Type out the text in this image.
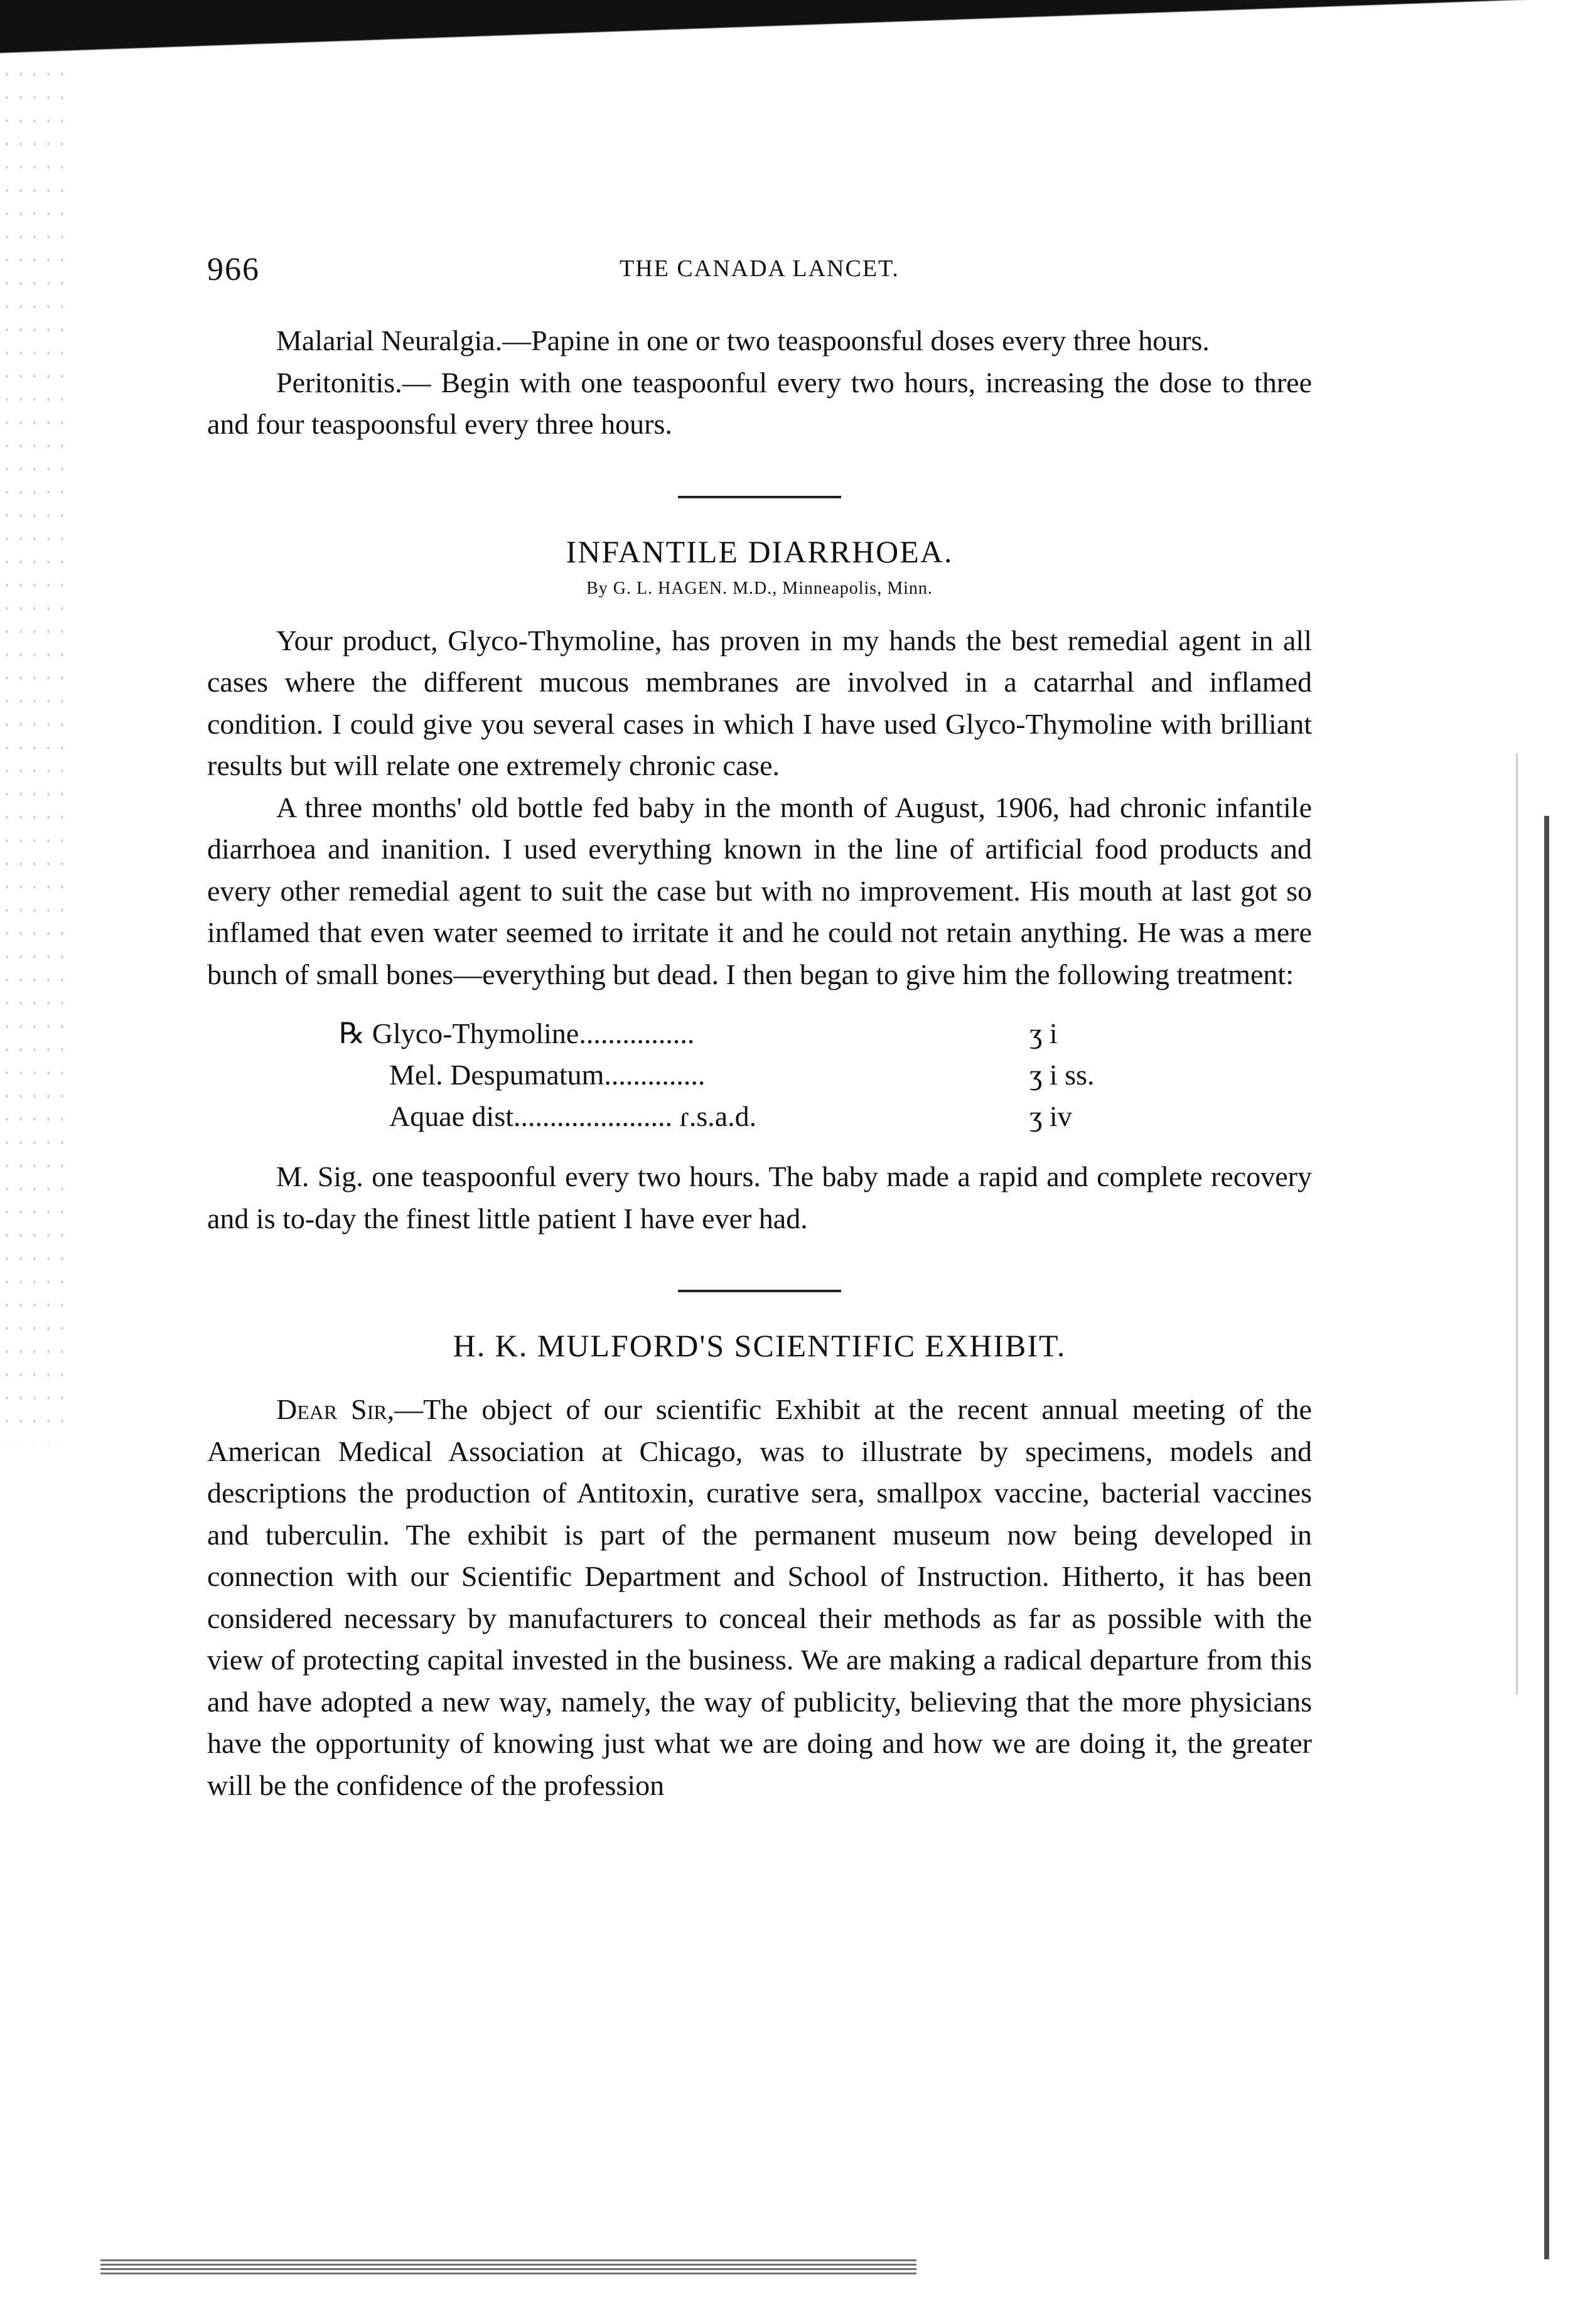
966	THE CANADA LANCET.

Malarial Neuralgia.—Papine in one or two teaspoonsful doses every three hours.

Peritonitis.— Begin with one teaspoonful every two hours, increasing the dose to three and four teaspoonsful every three hours.

INFANTILE DIARRHOEA.
By G. L. HAGEN. M.D., Minneapolis, Minn.

Your product, Glyco-Thymoline, has proven in my hands the best remedial agent in all cases where the different mucous membranes are involved in a catarrhal and inflamed condition. I could give you several cases in which I have used Glyco-Thymoline with brilliant results but will relate one extremely chronic case.

A three months' old bottle fed baby in the month of August, 1906, had chronic infantile diarrhoea and inanition. I used everything known in the line of artificial food products and every other remedial agent to suit the case but with no improvement. His mouth at last got so inflamed that even water seemed to irritate it and he could not retain anything. He was a mere bunch of small bones—everything but dead. I then began to give him the following treatment:

℞ Glyco-Thymoline................	ʒ i
Mel. Despumatum..............	ʒ i ss.
Aquae dist...................... ɾ.s.a.d.	ʒ iv

M. Sig. one teaspoonful every two hours. The baby made a rapid and complete recovery and is to-day the finest little patient I have ever had.

H. K. MULFORD'S SCIENTIFIC EXHIBIT.

Dear Sir,—The object of our scientific Exhibit at the recent annual meeting of the American Medical Association at Chicago, was to illustrate by specimens, models and descriptions the production of Antitoxin, curative sera, smallpox vaccine, bacterial vaccines and tuberculin. The exhibit is part of the permanent museum now being developed in connection with our Scientific Department and School of Instruction. Hitherto, it has been considered necessary by manufacturers to conceal their methods as far as possible with the view of protecting capital invested in the business. We are making a radical departure from this and have adopted a new way, namely, the way of publicity, believing that the more physicians have the opportunity of knowing just what we are doing and how we are doing it, the greater will be the confidence of the profession
